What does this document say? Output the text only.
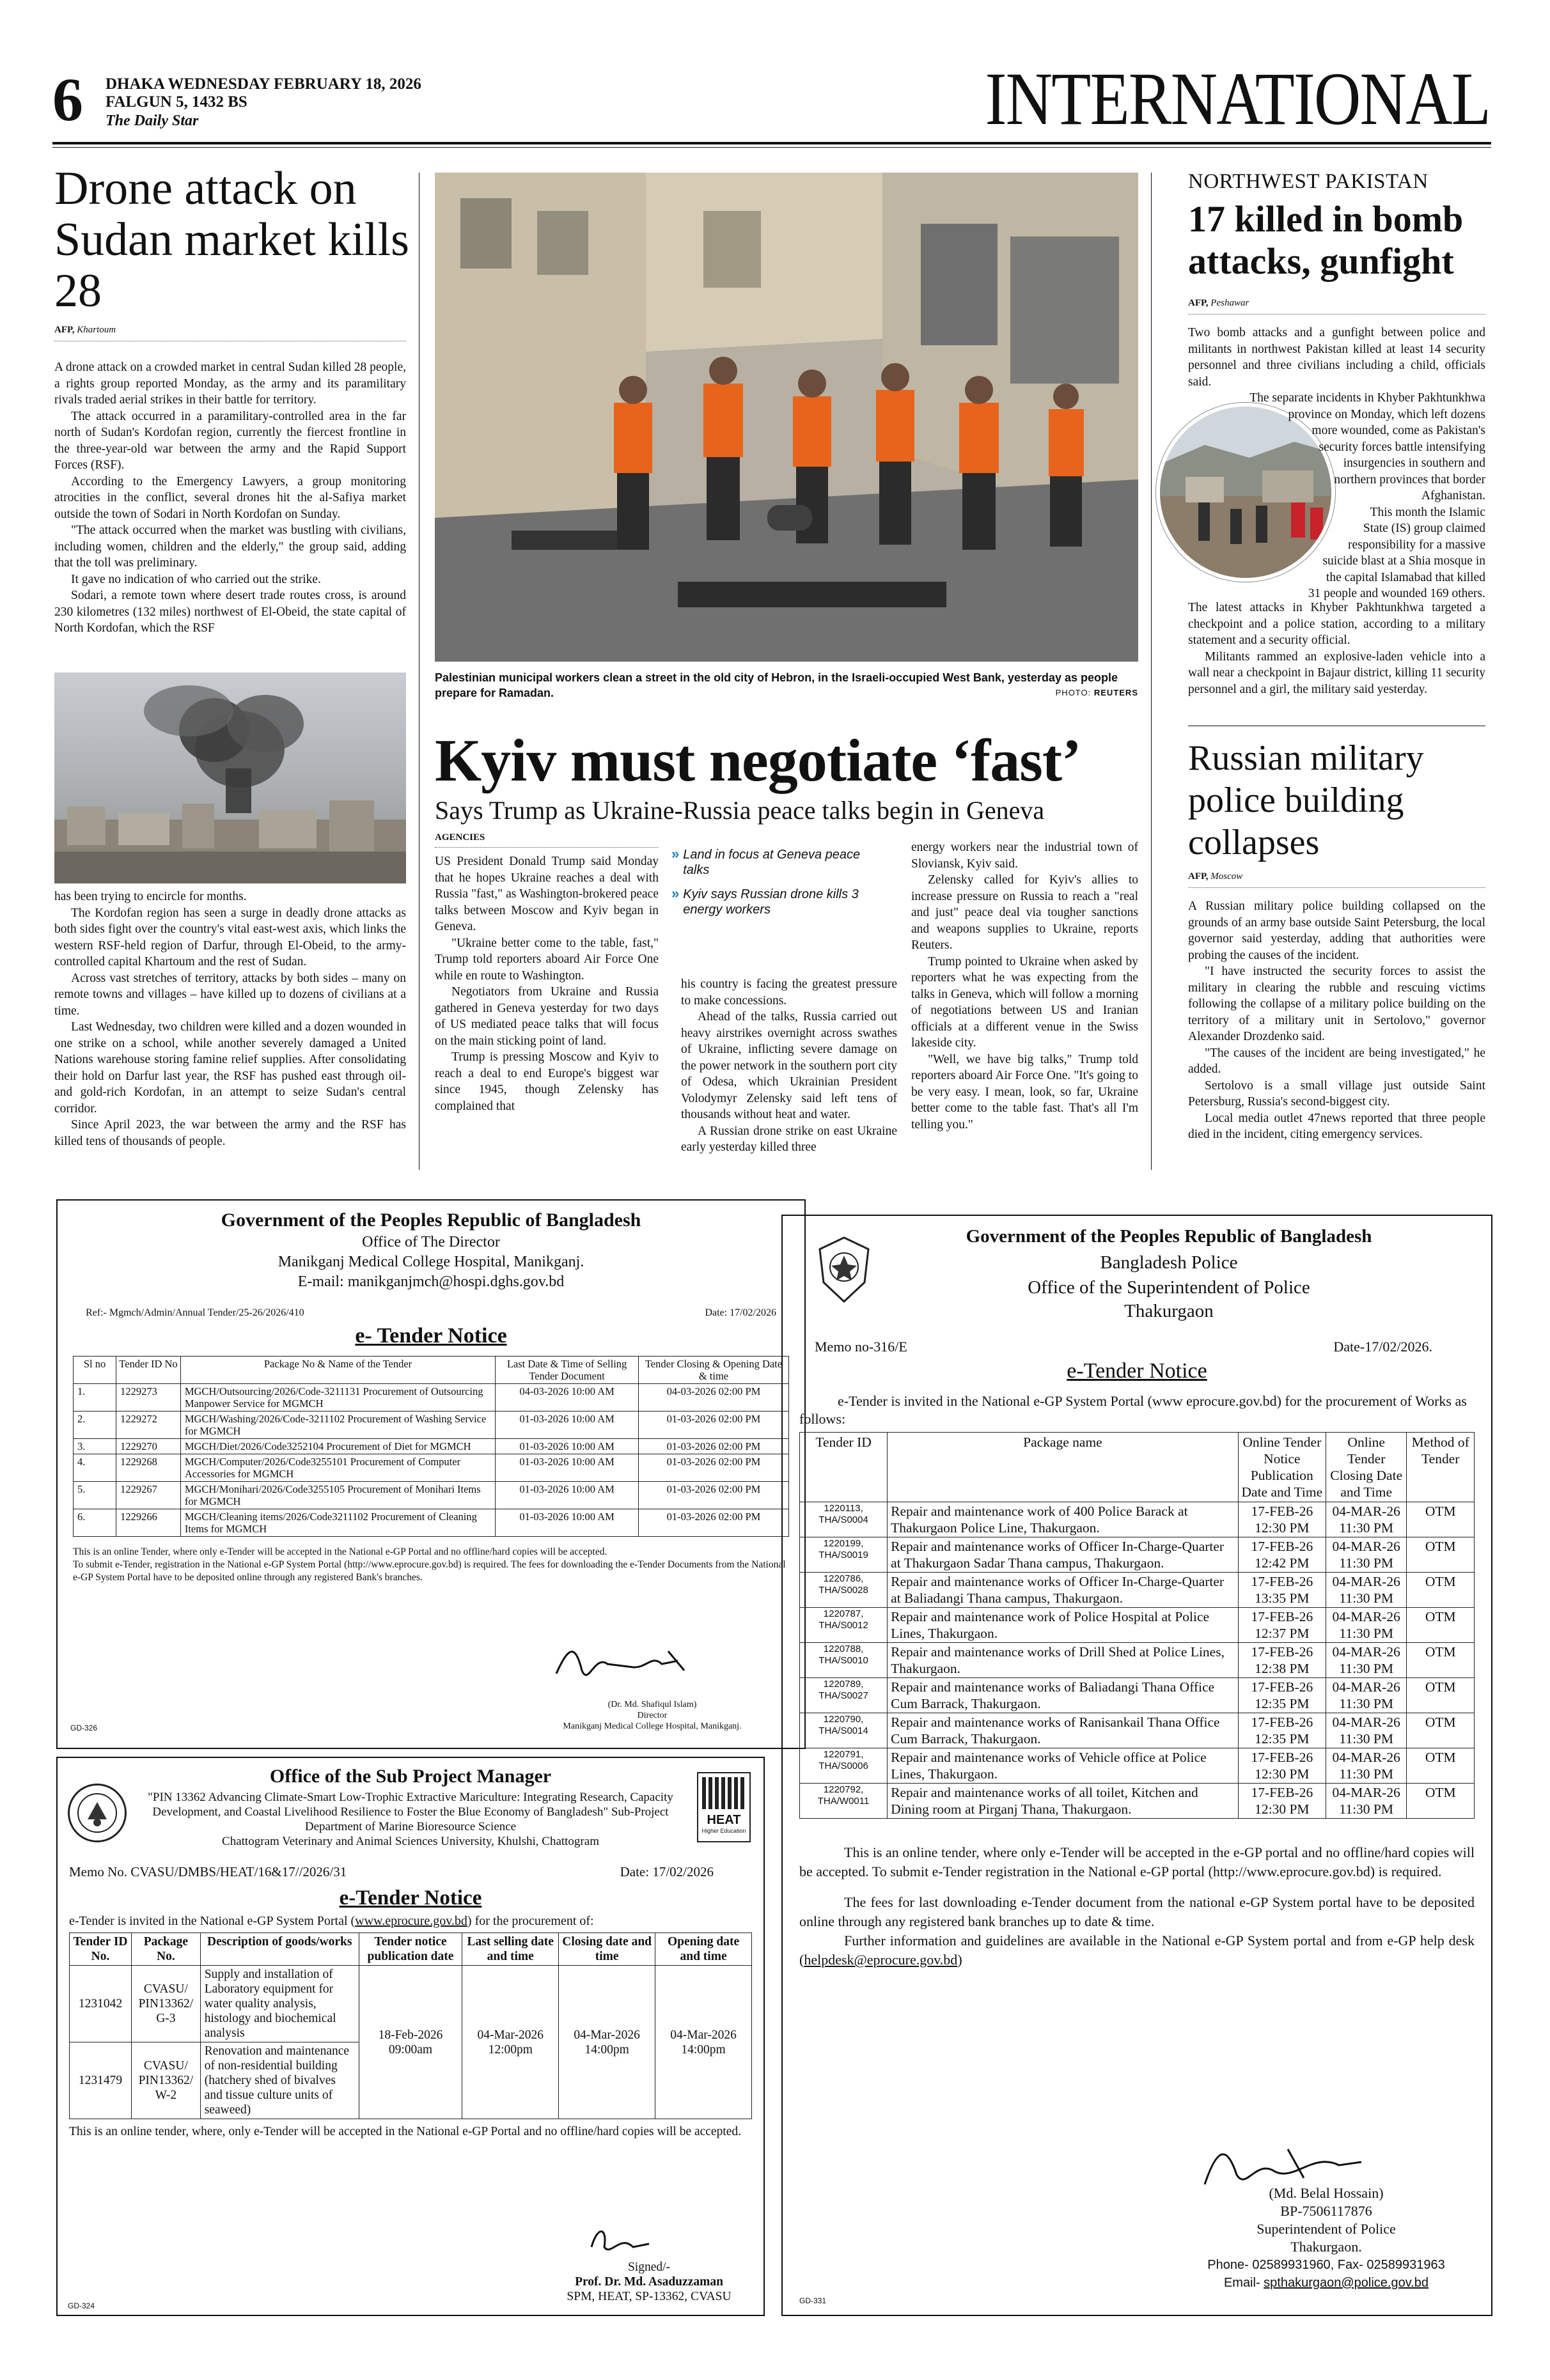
6 DHAKA WEDNESDAY FEBRUARY 18, 2026
FALGUN 5, 1432 BS
The Daily Star	INTERNATIONAL
Drone attack on Sudan market kills 28
AFP, Khartoum

A drone attack on a crowded market in central Sudan killed 28 people, a rights group reported Monday, as the army and its paramilitary rivals traded aerial strikes in their battle for territory.

The attack occurred in a paramilitary-controlled area in the far north of Sudan's Kordofan region, currently the fiercest frontline in the three-year-old war between the army and the Rapid Support Forces (RSF).

According to the Emergency Lawyers, a group monitoring atrocities in the conflict, several drones hit the al-Safiya market outside the town of Sodari in North Kordofan on Sunday.

"The attack occurred when the market was bustling with civilians, including women, children and the elderly," the group said, adding that the toll was preliminary.

It gave no indication of who carried out the strike.

Sodari, a remote town where desert trade routes cross, is around 230 kilometres (132 miles) northwest of El-Obeid, the state capital of North Kordofan, which the RSF

has been trying to encircle for months.

The Kordofan region has seen a surge in deadly drone attacks as both sides fight over the country's vital east-west axis, which links the western RSF-held region of Darfur, through El-Obeid, to the army-controlled capital Khartoum and the rest of Sudan.

Across vast stretches of territory, attacks by both sides – many on remote towns and villages – have killed up to dozens of civilians at a time.

Last Wednesday, two children were killed and a dozen wounded in one strike on a school, while another severely damaged a United Nations warehouse storing famine relief supplies. After consolidating their hold on Darfur last year, the RSF has pushed east through oil-and gold-rich Kordofan, in an attempt to seize Sudan's central corridor.

Since April 2023, the war between the army and the RSF has killed tens of thousands of people.

Palestinian municipal workers clean a street in the old city of Hebron, in the Israeli-occupied West Bank, yesterday as people prepare for Ramadan.	PHOTO: REUTERS
Kyiv must negotiate ‘fast’
Says Trump as Ukraine-Russia peace talks begin in Geneva
AGENCIES

US President Donald Trump said Monday that he hopes Ukraine reaches a deal with Russia "fast," as Washington-brokered peace talks between Moscow and Kyiv began in Geneva.

"Ukraine better come to the table, fast," Trump told reporters aboard Air Force One while en route to Washington.

Negotiators from Ukraine and Russia gathered in Geneva yesterday for two days of US mediated peace talks that will focus on the main sticking point of land.

Trump is pressing Moscow and Kyiv to reach a deal to end Europe's biggest war since 1945, though Zelensky has complained that

» Land in focus at Geneva peace talks
» Kyiv says Russian drone kills 3 energy workers

his country is facing the greatest pressure to make concessions.

Ahead of the talks, Russia carried out heavy airstrikes overnight across swathes of Ukraine, inflicting severe damage on the power network in the southern port city of Odesa, which Ukrainian President Volodymyr Zelensky said left tens of thousands without heat and water.

A Russian drone strike on east Ukraine early yesterday killed three

energy workers near the industrial town of Sloviansk, Kyiv said.

Zelensky called for Kyiv's allies to increase pressure on Russia to reach a "real and just" peace deal via tougher sanctions and weapons supplies to Ukraine, reports Reuters.

Trump pointed to Ukraine when asked by reporters what he was expecting from the talks in Geneva, which will follow a morning of negotiations between US and Iranian officials at a different venue in the Swiss lakeside city.

"Well, we have big talks," Trump told reporters aboard Air Force One. "It's going to be very easy. I mean, look, so far, Ukraine better come to the table fast. That's all I'm telling you."

NORTHWEST PAKISTAN
17 killed in bomb attacks, gunfight
AFP, Peshawar
Two bomb attacks and a gunfight between police and militants in northwest Pakistan killed at least 14 security personnel and three civilians including a child, officials said.
The separate incidents in Khyber Pakhtunkhwa
province on Monday, which left dozens
more wounded, come as Pakistan's
security forces battle intensifying
insurgencies in southern and
northern provinces that border
Afghanistan.
This month the Islamic
State (IS) group claimed
responsibility for a massive
suicide blast at a Shia mosque in
the capital Islamabad that killed
31 people and wounded 169 others.

The latest attacks in Khyber Pakhtunkhwa targeted a checkpoint and a police station, according to a military statement and a security official.

Militants rammed an explosive-laden vehicle into a wall near a checkpoint in Bajaur district, killing 11 security personnel and a girl, the military said yesterday.

Russian military police building collapses
AFP, Moscow

A Russian military police building collapsed on the grounds of an army base outside Saint Petersburg, the local governor said yesterday, adding that authorities were probing the causes of the incident.

"I have instructed the security forces to assist the military in clearing the rubble and rescuing victims following the collapse of a military police building on the territory of a military unit in Sertolovo," governor Alexander Drozdenko said.

"The causes of the incident are being investigated," he added.

Sertolovo is a small village just outside Saint Petersburg, Russia's second-biggest city.

Local media outlet 47news reported that three people died in the incident, citing emergency services.

Government of the Peoples Republic of Bangladesh
Office of The Director
Manikganj Medical College Hospital, Manikganj.
E-mail: manikganjmch@hospi.dghs.gov.bd
Ref:- Mgmch/Admin/Annual Tender/25-26/2026/410	Date: 17/02/2026
e- Tender Notice
Sl no	Tender ID No	Package No & Name of the Tender	Last Date & Time of Selling Tender Document	Tender Closing & Opening Date & time
1.	1229273	MGCH/Outsourcing/2026/Code-3211131 Procurement of Outsourcing Manpower Service for MGMCH	04-03-2026 10:00 AM	04-03-2026 02:00 PM
2.	1229272	MGCH/Washing/2026/Code-3211102 Procurement of Washing Service for MGMCH	01-03-2026 10:00 AM	01-03-2026 02:00 PM
3.	1229270	MGCH/Diet/2026/Code3252104 Procurement of Diet for MGMCH	01-03-2026 10:00 AM	01-03-2026 02:00 PM
4.	1229268	MGCH/Computer/2026/Code3255101 Procurement of Computer Accessories for MGMCH	01-03-2026 10:00 AM	01-03-2026 02:00 PM
5.	1229267	MGCH/Monihari/2026/Code3255105 Procurement of Monihari Items for MGMCH	01-03-2026 10:00 AM	01-03-2026 02:00 PM
6.	1229266	MGCH/Cleaning items/2026/Code3211102 Procurement of Cleaning Items for MGMCH	01-03-2026 10:00 AM	01-03-2026 02:00 PM
This is an online Tender, where only e-Tender will be accepted in the National e-GP Portal and no offline/hard copies will be accepted.
To submit e-Tender, registration in the National e-GP System Portal (http://www.eprocure.gov.bd) is required. The fees for downloading the e-Tender Documents from the National e-GP System Portal have to be deposited online through any registered Bank's branches.
(Dr. Md. Shafiqul Islam)
Director
Manikganj Medical College Hospital, Manikganj.
GD-326
HEAT
Higher Education
Office of the Sub Project Manager
"PIN 13362 Advancing Climate-Smart Low-Trophic Extractive Mariculture: Integrating Research, Capacity Development, and Coastal Livelihood Resilience to Foster the Blue Economy of Bangladesh" Sub-Project
Department of Marine Bioresource Science
Chattogram Veterinary and Animal Sciences University, Khulshi, Chattogram
Memo No. CVASU/DMBS/HEAT/16&17//2026/31	Date: 17/02/2026
e-Tender Notice
e-Tender is invited in the National e-GP System Portal (www.eprocure.gov.bd) for the procurement of:
Tender ID No.	Package No.	Description of goods/works	Tender notice publication date	Last selling date and time	Closing date and time	Opening date and time
1231042	CVASU/ PIN13362/ G-3	Supply and installation of Laboratory equipment for water quality analysis, histology and biochemical analysis	18-Feb-2026 09:00am	04-Mar-2026 12:00pm	04-Mar-2026 14:00pm	04-Mar-2026 14:00pm
1231479	CVASU/ PIN13362/ W-2	Renovation and maintenance of non-residential building (hatchery shed of bivalves and tissue culture units of seaweed)				
This is an online tender, where, only e-Tender will be accepted in the National e-GP Portal and no offline/hard copies will be accepted.
Signed/-
Prof. Dr. Md. Asaduzzaman
SPM, HEAT, SP-13362, CVASU
GD-324
Government of the Peoples Republic of Bangladesh
Bangladesh Police
Office of the Superintendent of Police
Thakurgaon
Memo no-316/E	Date-17/02/2026.
e-Tender Notice
e-Tender is invited in the National e-GP System Portal (www eprocure.gov.bd) for the procurement of Works as follows:
Tender ID	Package name	Online Tender Notice Publication Date and Time	Online Tender Closing Date and Time	Method of Tender
1220113, THA/S0004	Repair and maintenance work of 400 Police Barack at Thakurgaon Police Line, Thakurgaon.	17-FEB-26 12:30 PM	04-MAR-26 11:30 PM	OTM
1220199, THA/S0019	Repair and maintenance works of Officer In-Charge-Quarter at Thakurgaon Sadar Thana campus, Thakurgaon.	17-FEB-26 12:42 PM	04-MAR-26 11:30 PM	OTM
1220786, THA/S0028	Repair and maintenance works of Officer In-Charge-Quarter at Baliadangi Thana campus, Thakurgaon.	17-FEB-26 13:35 PM	04-MAR-26 11:30 PM	OTM
1220787, THA/S0012	Repair and maintenance work of Police Hospital at Police Lines, Thakurgaon.	17-FEB-26 12:37 PM	04-MAR-26 11:30 PM	OTM
1220788, THA/S0010	Repair and maintenance works of Drill Shed at Police Lines, Thakurgaon.	17-FEB-26 12:38 PM	04-MAR-26 11:30 PM	OTM
1220789, THA/S0027	Repair and maintenance works of Baliadangi Thana Office Cum Barrack, Thakurgaon.	17-FEB-26 12:35 PM	04-MAR-26 11:30 PM	OTM
1220790, THA/S0014	Repair and maintenance works of Ranisankail Thana Office Cum Barrack, Thakurgaon.	17-FEB-26 12:35 PM	04-MAR-26 11:30 PM	OTM
1220791, THA/S0006	Repair and maintenance works of Vehicle office at Police Lines, Thakurgaon.	17-FEB-26 12:30 PM	04-MAR-26 11:30 PM	OTM
1220792, THA/W0011	Repair and maintenance works of all toilet, Kitchen and Dining room at Pirganj Thana, Thakurgaon.	17-FEB-26 12:30 PM	04-MAR-26 11:30 PM	OTM
This is an online tender, where only e-Tender will be accepted in the e-GP portal and no offline/hard copies will be accepted. To submit e-Tender registration in the National e-GP portal (http://www.eprocure.gov.bd) is required.
The fees for last downloading e-Tender document from the national e-GP System portal have to be deposited online through any registered bank branches up to date & time.
Further information and guidelines are available in the National e-GP System portal and from e-GP help desk (helpdesk@eprocure.gov.bd)
(Md. Belal Hossain)
BP-7506117876
Superintendent of Police
Thakurgaon.
Phone- 02589931960, Fax- 02589931963
Email- spthakurgaon@police.gov.bd
GD-331
